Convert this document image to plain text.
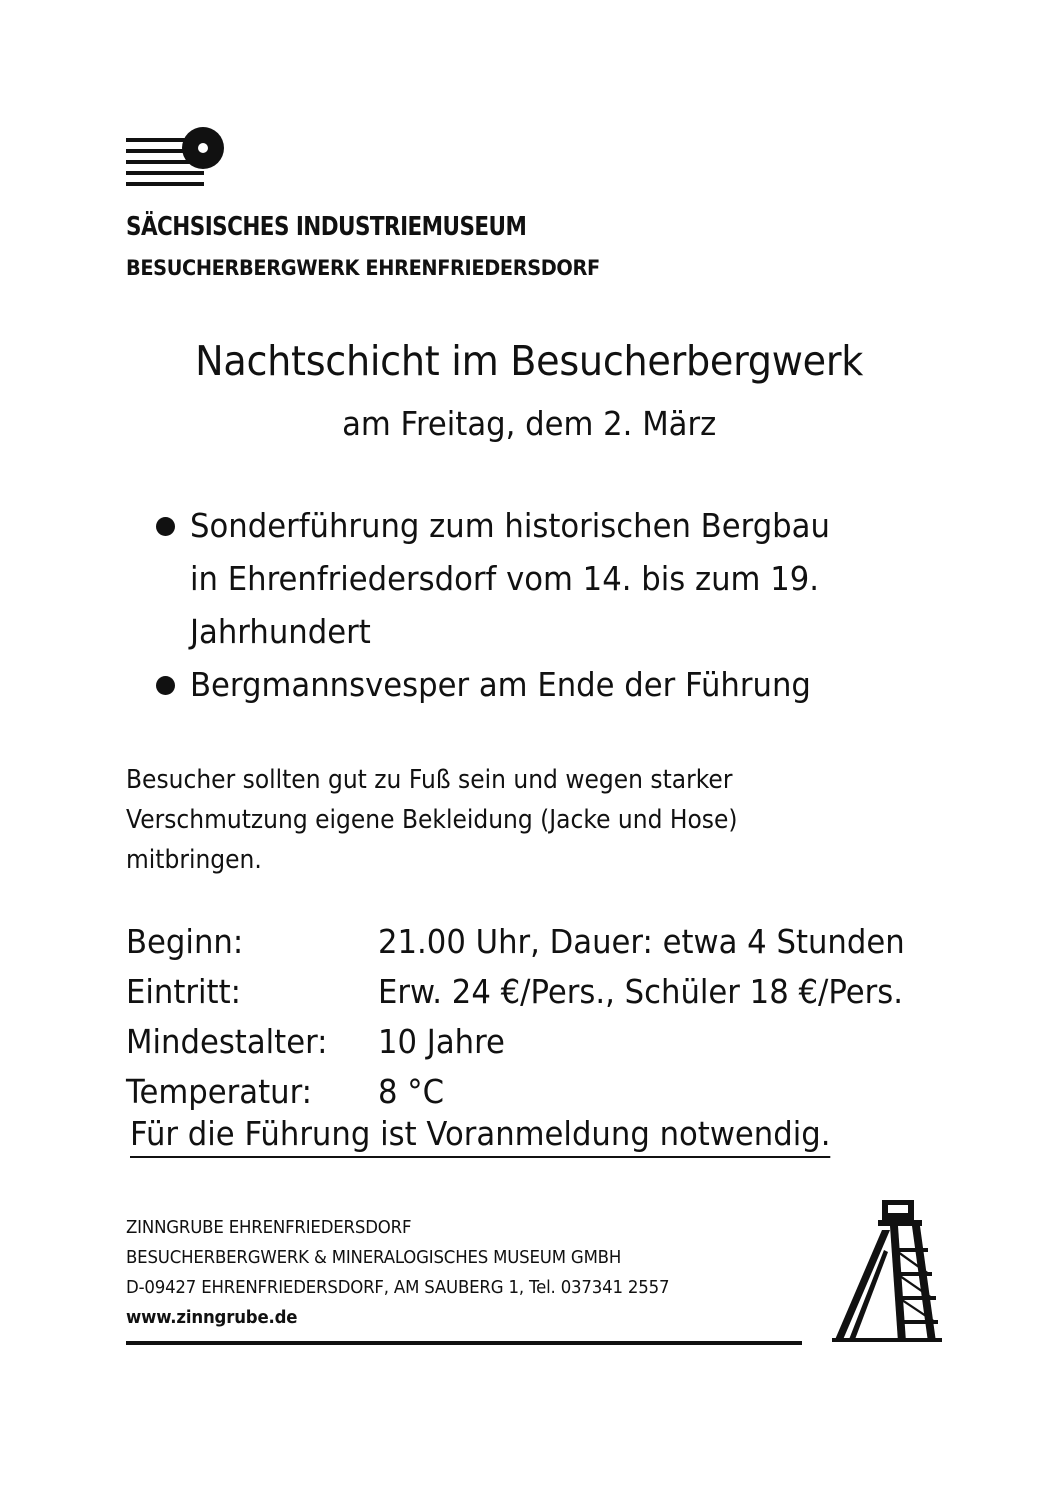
SÄCHSISCHES INDUSTRIEMUSEUM
BESUCHERBERGWERK EHRENFRIEDERSDORF
Nachtschicht im Besucherbergwerk
am Freitag, dem 2. März
Sonderführung zum historischen Bergbau
in Ehrenfriedersdorf vom 14. bis zum 19.
Jahrhundert
Bergmannsvesper am Ende der Führung
Besucher sollten gut zu Fuß sein und wegen starker
Verschmutzung eigene Bekleidung (Jacke und Hose)
mitbringen.
Beginn:	21.00 Uhr, Dauer: etwa 4 Stunden
Eintritt:	Erw. 24 €/Pers., Schüler 18 €/Pers.
Mindestalter: 10 Jahre
Temperatur: 8 °C
Für die Führung ist Voranmeldung notwendig.
ZINNGRUBE EHRENFRIEDERSDORF
BESUCHERBERGWERK & MINERALOGISCHES MUSEUM GMBH
D-09427 EHRENFRIEDERSDORF, AM SAUBERG 1, Tel. 037341 2557
www.zinngrube.de
